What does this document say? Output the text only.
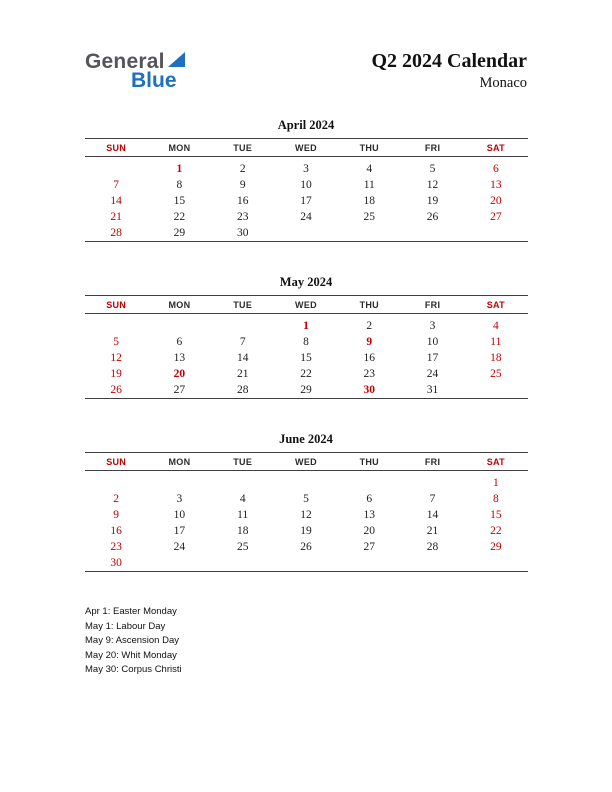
General
Blue
Q2 2024 Calendar
Monaco
April 2024
SUN	MON	TUE	WED	THU	FRI	SAT
	1	2	3	4	5	6
7	8	9	10	11	12	13
14	15	16	17	18	19	20
21	22	23	24	25	26	27
28	29	30				
May 2024
SUN	MON	TUE	WED	THU	FRI	SAT
			1	2	3	4
5	6	7	8	9	10	11
12	13	14	15	16	17	18
19	20	21	22	23	24	25
26	27	28	29	30	31	
June 2024
SUN	MON	TUE	WED	THU	FRI	SAT
						1
2	3	4	5	6	7	8
9	10	11	12	13	14	15
16	17	18	19	20	21	22
23	24	25	26	27	28	29
30						
Apr 1: Easter Monday
May 1: Labour Day
May 9: Ascension Day
May 20: Whit Monday
May 30: Corpus Christi
